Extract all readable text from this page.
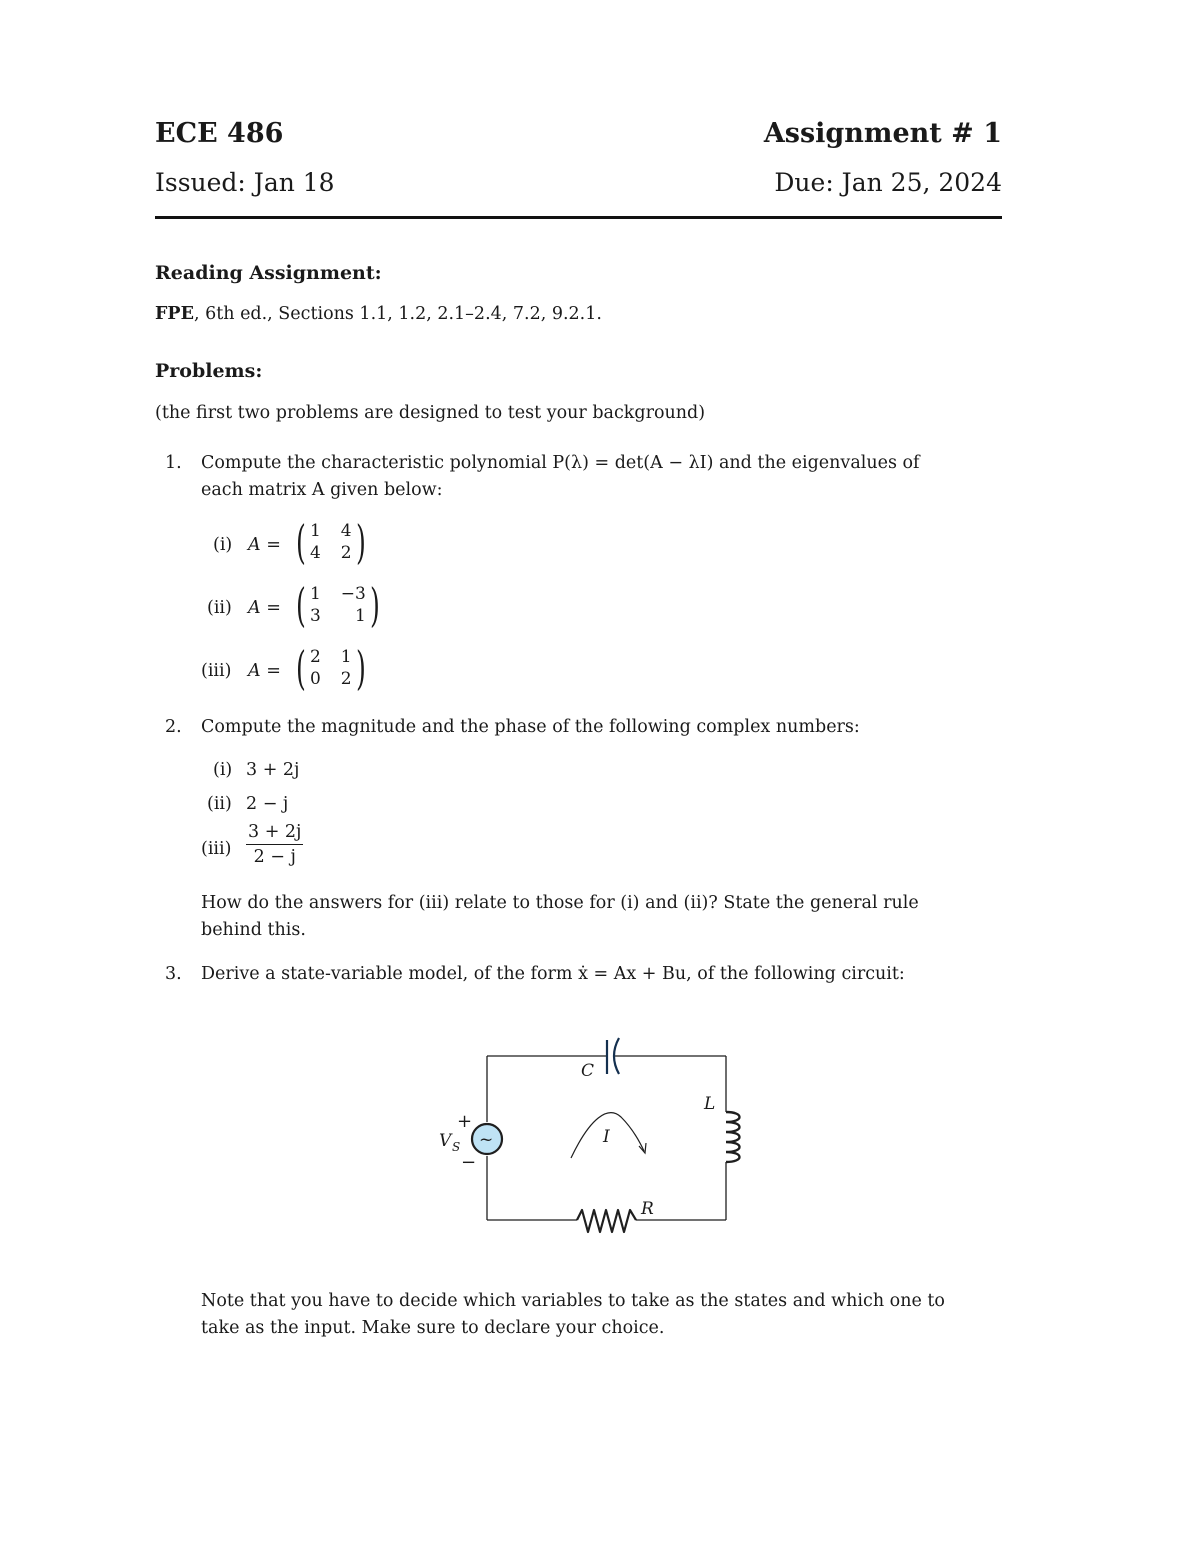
ECE 486	Assignment # 1
Issued: Jan 18	Due: Jan 25, 2024
Reading Assignment:
FPE, 6th ed., Sections 1.1, 1.2, 2.1–2.4, 7.2, 9.2.1.
Problems:
(the first two problems are designed to test your background)
1. Compute the characteristic polynomial P(λ) = det(A − λI) and the eigenvalues of
each matrix A given below:
(i) A = ( 1 4
4 2 )
(ii) A = ( 1 −3
3	1 )
(iii) A = ( 2 1
0 2 )
2. Compute the magnitude and the phase of the following complex numbers:
(i) 3 + 2j
(ii) 2 − j
$(iii) \frac{3 + 2j}{2 - j}$
How do the answers for (iii) relate to those for (i) and (ii)? State the general rule
behind this.
3. Derive a state-variable model, of the form ẋ = Ax + Bu, of the following circuit:
C
L
R
I
V S
+
−
~
Note that you have to decide which variables to take as the states and which one to
take as the input. Make sure to declare your choice.
